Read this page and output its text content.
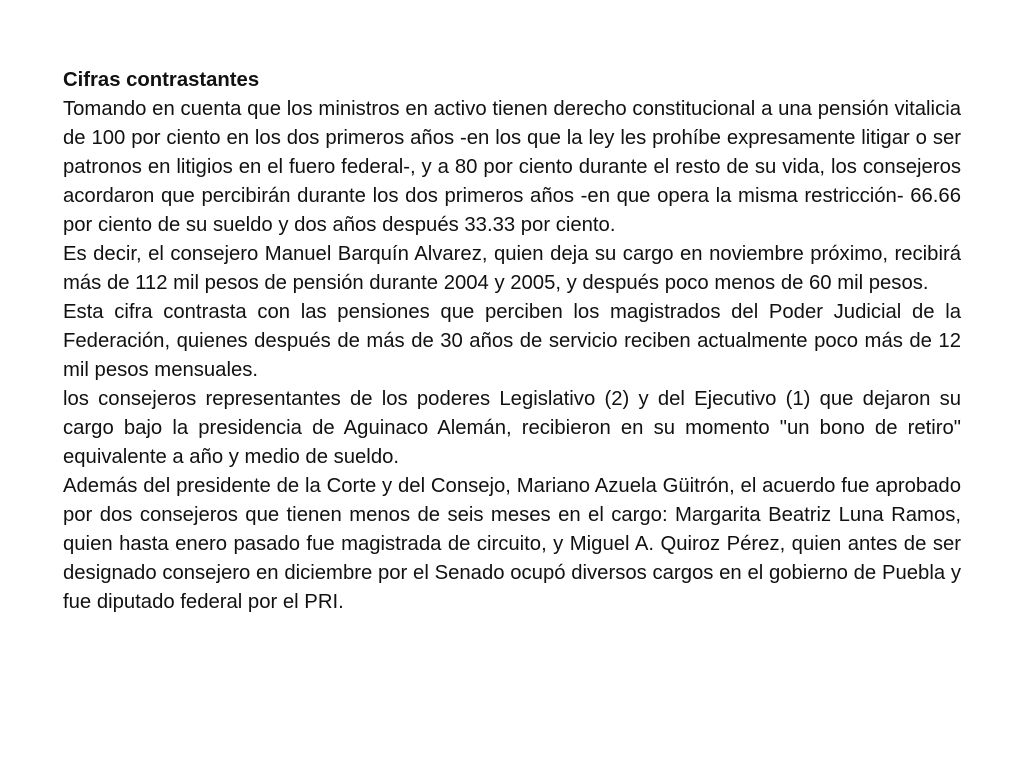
Cifras contrastantes

Tomando en cuenta que los ministros en activo tienen derecho constitucional a una pensión vitalicia de 100 por ciento en los dos primeros años -en los que la ley les prohíbe expresamente litigar o ser patronos en litigios en el fuero federal-, y a 80 por ciento durante el resto de su vida, los consejeros acordaron que percibirán durante los dos primeros años -en que opera la misma restricción- 66.66 por ciento de su sueldo y dos años después 33.33 por ciento.

Es decir, el consejero Manuel Barquín Alvarez, quien deja su cargo en noviembre próximo, recibirá más de 112 mil pesos de pensión durante 2004 y 2005, y después poco menos de 60 mil pesos.

Esta cifra contrasta con las pensiones que perciben los magistrados del Poder Judicial de la Federación, quienes después de más de 30 años de servicio reciben actualmente poco más de 12 mil pesos mensuales.

los consejeros representantes de los poderes Legislativo (2) y del Ejecutivo (1) que dejaron su cargo bajo la presidencia de Aguinaco Alemán, recibieron en su momento "un bono de retiro" equivalente a año y medio de sueldo.

Además del presidente de la Corte y del Consejo, Mariano Azuela Güitrón, el acuerdo fue aprobado por dos consejeros que tienen menos de seis meses en el cargo: Margarita Beatriz Luna Ramos, quien hasta enero pasado fue magistrada de circuito, y Miguel A. Quiroz Pérez, quien antes de ser designado consejero en diciembre por el Senado ocupó diversos cargos en el gobierno de Puebla y fue diputado federal por el PRI.
